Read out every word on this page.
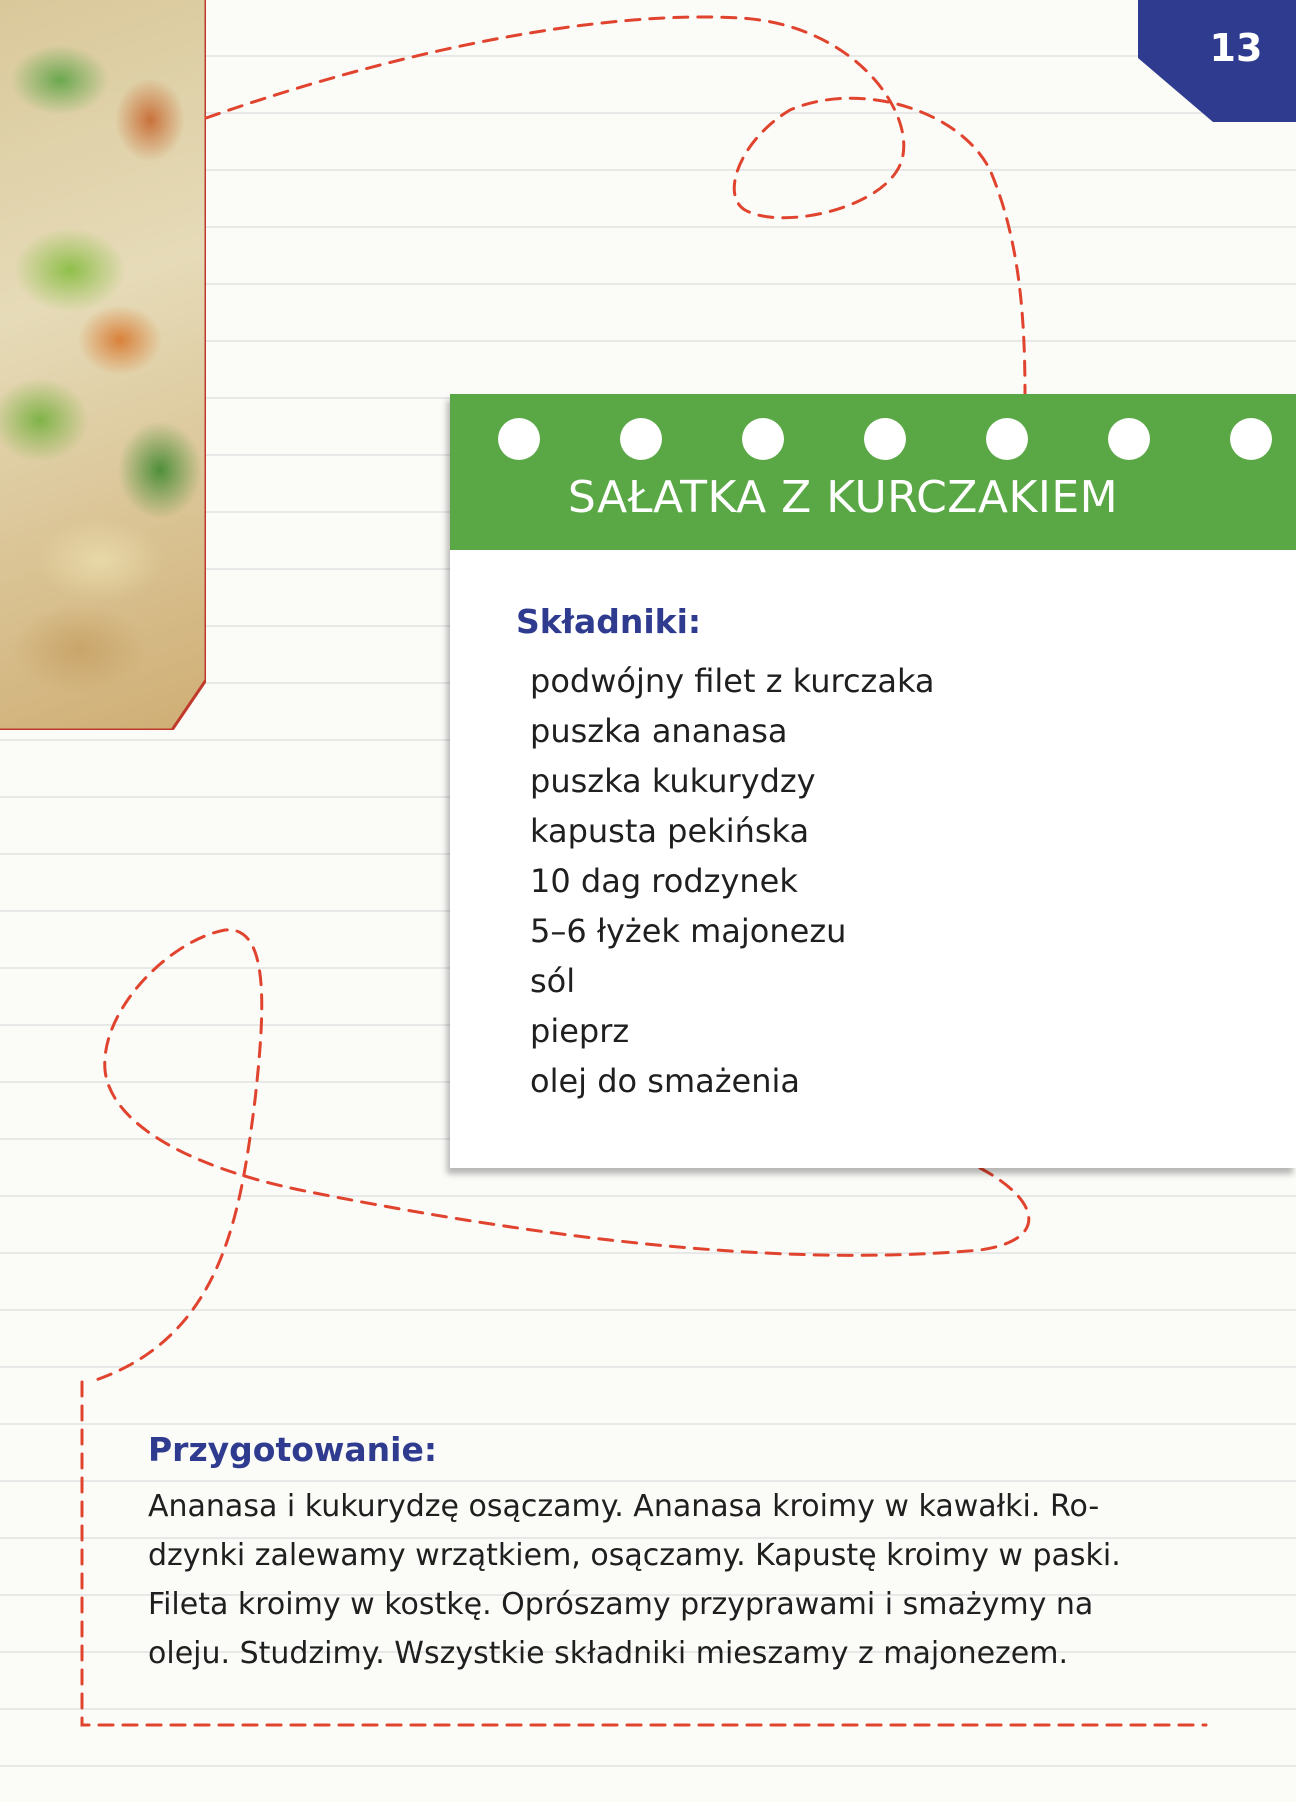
13
SAŁATKA Z KURCZAKIEM
Składniki:
podwójny filet z kurczaka
puszka ananasa
puszka kukurydzy
kapusta pekińska
10 dag rodzynek
5–6 łyżek majonezu
sól
pieprz
olej do smażenia
Przygotowanie:

Ananasa i kukurydzę osączamy. Ananasa kroimy w kawałki. Ro-
dzynki zalewamy wrzątkiem, osączamy. Kapustę kroimy w paski.
Fileta kroimy w kostkę. Oprószamy przyprawami i smażymy na
oleju. Studzimy. Wszystkie składniki mieszamy z majonezem.
